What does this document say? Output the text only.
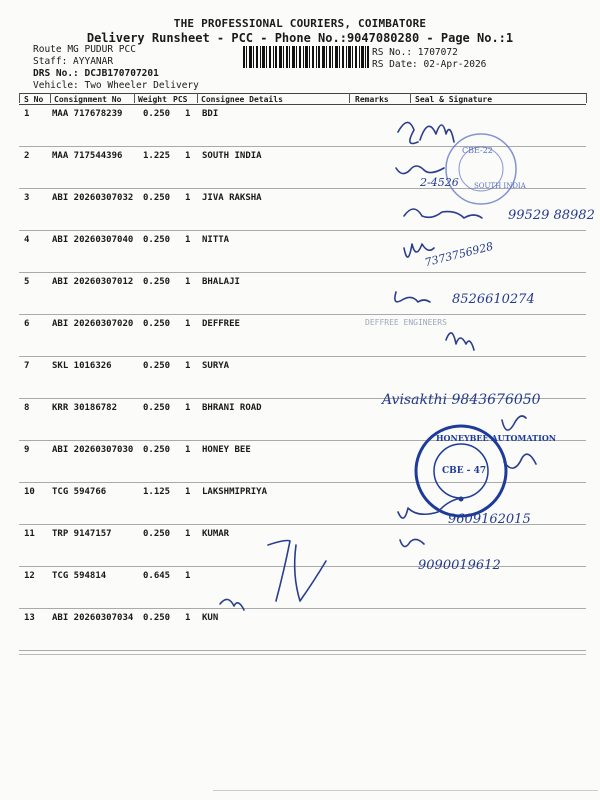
THE PROFESSIONAL COURIERS, COIMBATORE
Delivery Runsheet - PCC - Phone No.:9047080280 - Page No.:1
Route MG PUDUR PCC
Staff: AYYANAR
DRS No.: DCJB170707201
Vehicle: Two Wheeler Delivery
RS No.: 1707072
RS Date: 02-Apr-2026
S No Consignment No Weight PCS Consignee Details	Remarks	Seal & Signature
1	MAA 717678239 0.250 1 BDI
2	MAA 717544396 1.225 1 SOUTH INDIA
3	ABI 20260307032 0.250 1 JIVA RAKSHA
4	ABI 20260307040 0.250 1 NITTA
5	ABI 20260307012 0.250 1 BHALAJI
6	ABI 20260307020 0.250 1 DEFFREE
7	SKL 1016326	0.250 1 SURYA
8	KRR 30186782	0.250 1 BHRANI ROAD
9	ABI 20260307030 0.250 1 HONEY BEE
10 TCG 594766	1.125 1 LAKSHMIPRIYA
11 TRP 9147157	0.250 1 KUMAR
12 TCG 594814	0.645 1
13 ABI 20260307034 0.250 1 KUN
DEFFREE ENGINEERS
CBE-22
SOUTH INDIA
HONEYBEE AUTOMATION
CBE - 47
2-4526
99529 88982
7373756928
8526610274
Avisakthi 9843676050
9609162015
9090019612
